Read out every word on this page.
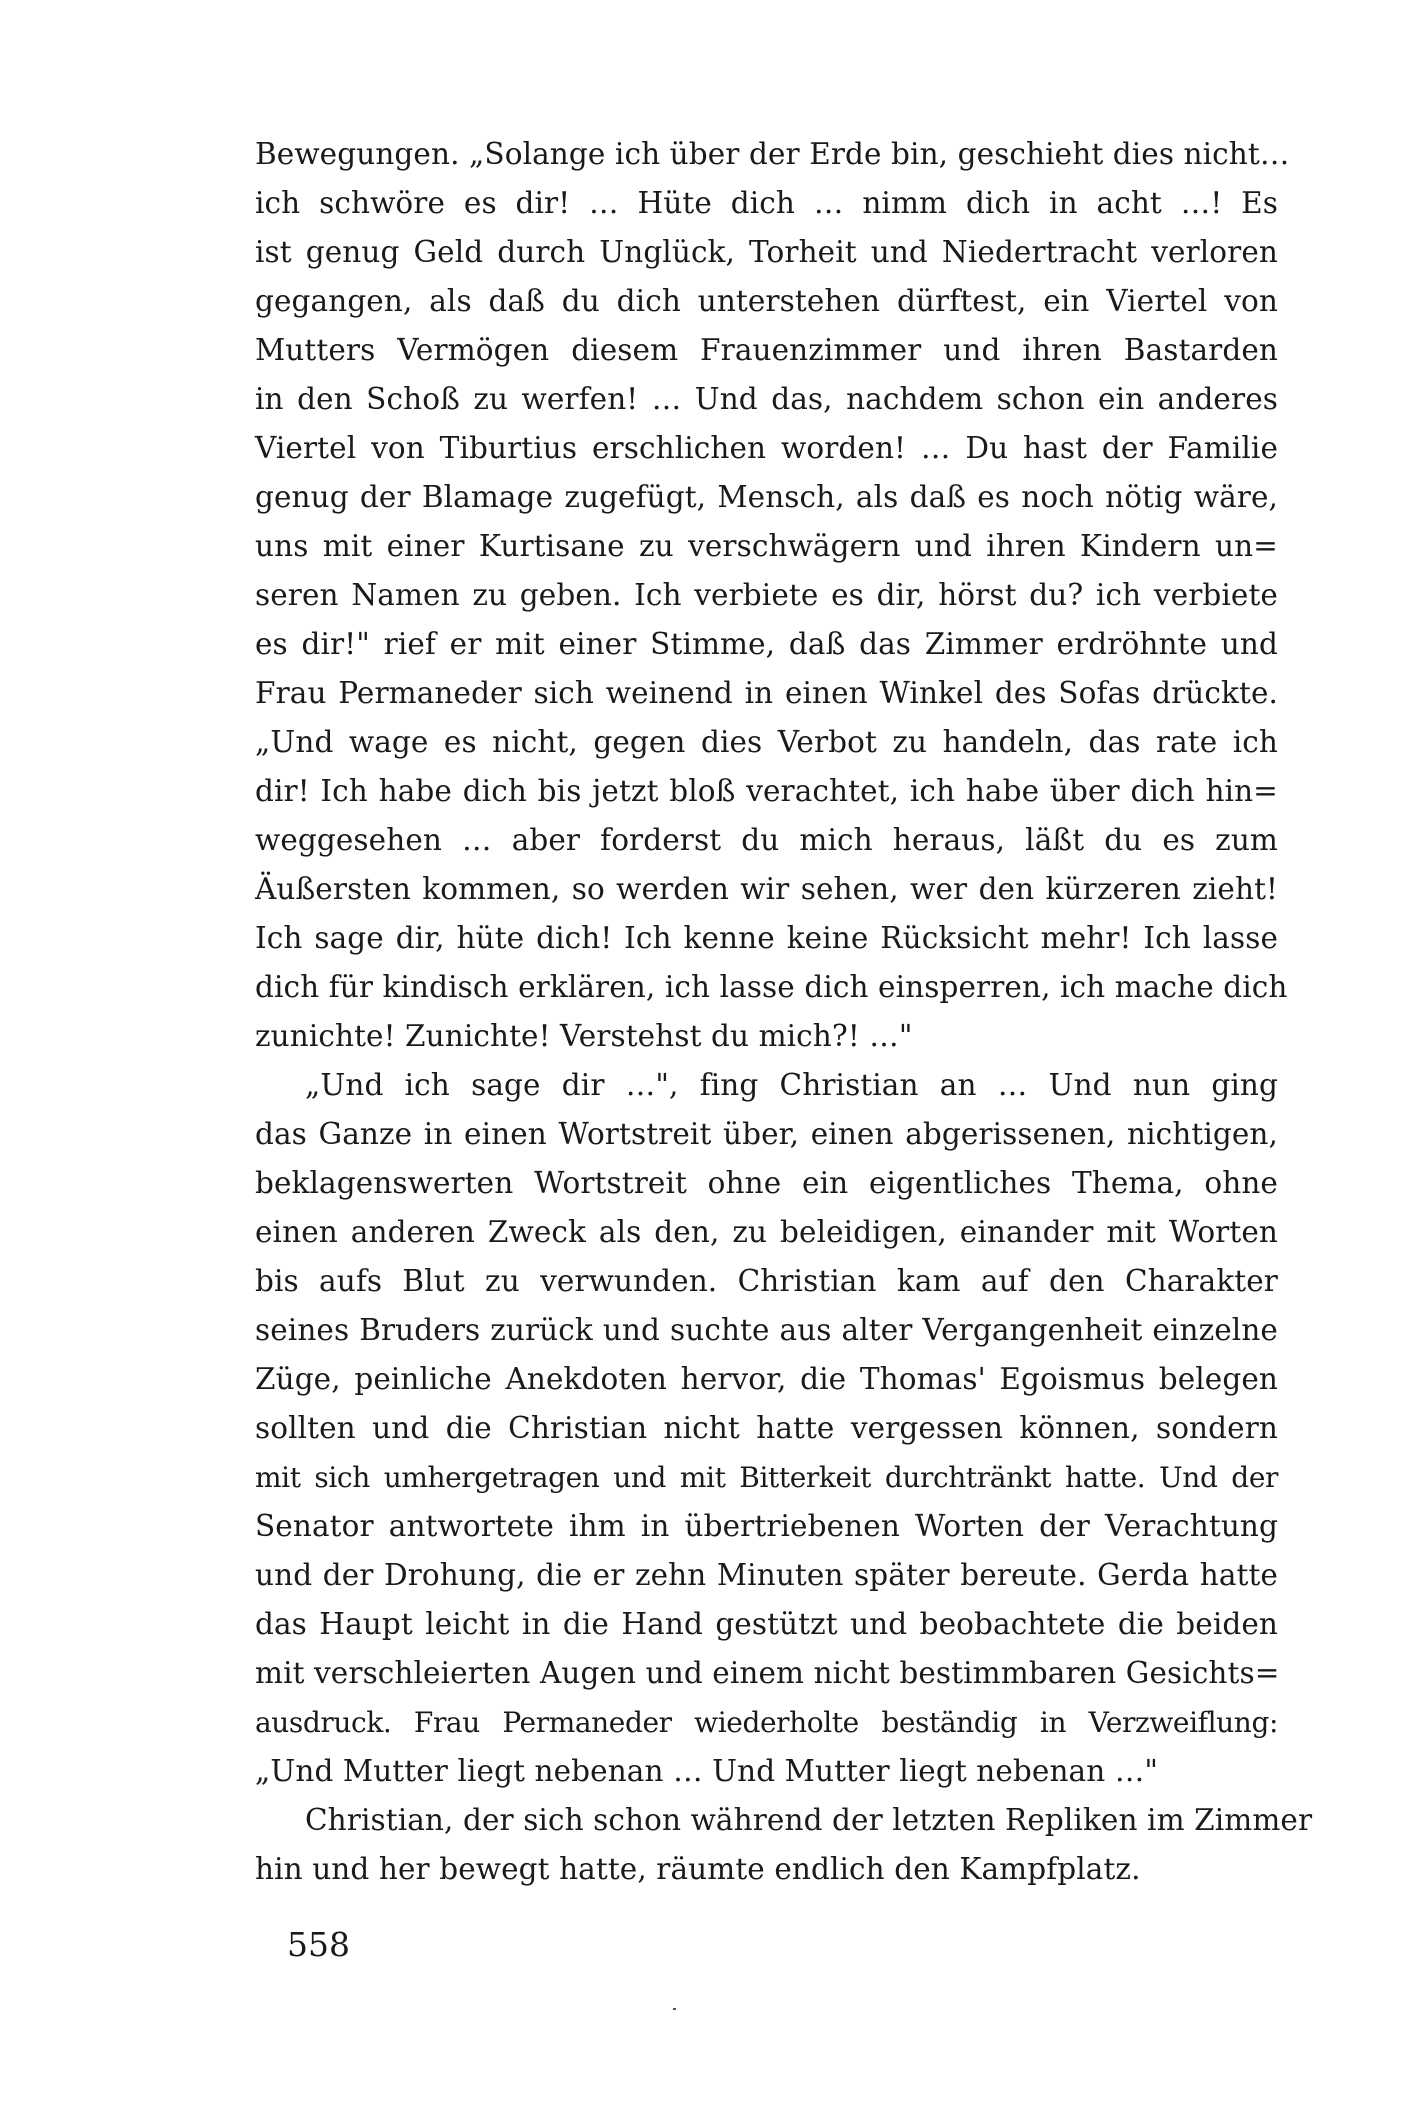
Bewegungen. „Solange ich über der Erde bin, geschieht dies nicht…
ich schwöre es dir! … Hüte dich … nimm dich in acht …! Es
ist genug Geld durch Unglück, Torheit und Niedertracht verloren
gegangen, als daß du dich unterstehen dürftest, ein Viertel von
Mutters Vermögen diesem Frauenzimmer und ihren Bastarden
in den Schoß zu werfen! … Und das, nachdem schon ein anderes
Viertel von Tiburtius erschlichen worden! … Du hast der Familie
genug der Blamage zugefügt, Mensch, als daß es noch nötig wäre,
uns mit einer Kurtisane zu verschwägern und ihren Kindern un=
seren Namen zu geben. Ich verbiete es dir, hörst du? ich verbiete
es dir!" rief er mit einer Stimme, daß das Zimmer erdröhnte und
Frau Permaneder sich weinend in einen Winkel des Sofas drückte.
„Und wage es nicht, gegen dies Verbot zu handeln, das rate ich
dir! Ich habe dich bis jetzt bloß verachtet, ich habe über dich hin=
weggesehen … aber forderst du mich heraus, läßt du es zum
Äußersten kommen, so werden wir sehen, wer den kürzeren zieht!
Ich sage dir, hüte dich! Ich kenne keine Rücksicht mehr! Ich lasse
dich für kindisch erklären, ich lasse dich einsperren, ich mache dich
zunichte! Zunichte! Verstehst du mich?! …"
„Und ich sage dir …", fing Christian an … Und nun ging
das Ganze in einen Wortstreit über, einen abgerissenen, nichtigen,
beklagenswerten Wortstreit ohne ein eigentliches Thema, ohne
einen anderen Zweck als den, zu beleidigen, einander mit Worten
bis aufs Blut zu verwunden. Christian kam auf den Charakter
seines Bruders zurück und suchte aus alter Vergangenheit einzelne
Züge, peinliche Anekdoten hervor, die Thomas' Egoismus belegen
sollten und die Christian nicht hatte vergessen können, sondern
mit sich umhergetragen und mit Bitterkeit durchtränkt hatte. Und der
Senator antwortete ihm in übertriebenen Worten der Verachtung
und der Drohung, die er zehn Minuten später bereute. Gerda hatte
das Haupt leicht in die Hand gestützt und beobachtete die beiden
mit verschleierten Augen und einem nicht bestimmbaren Gesichts=
ausdruck. Frau Permaneder wiederholte beständig in Verzweiflung:
„Und Mutter liegt nebenan … Und Mutter liegt nebenan …"
Christian, der sich schon während der letzten Repliken im Zimmer
hin und her bewegt hatte, räumte endlich den Kampfplatz.
558
